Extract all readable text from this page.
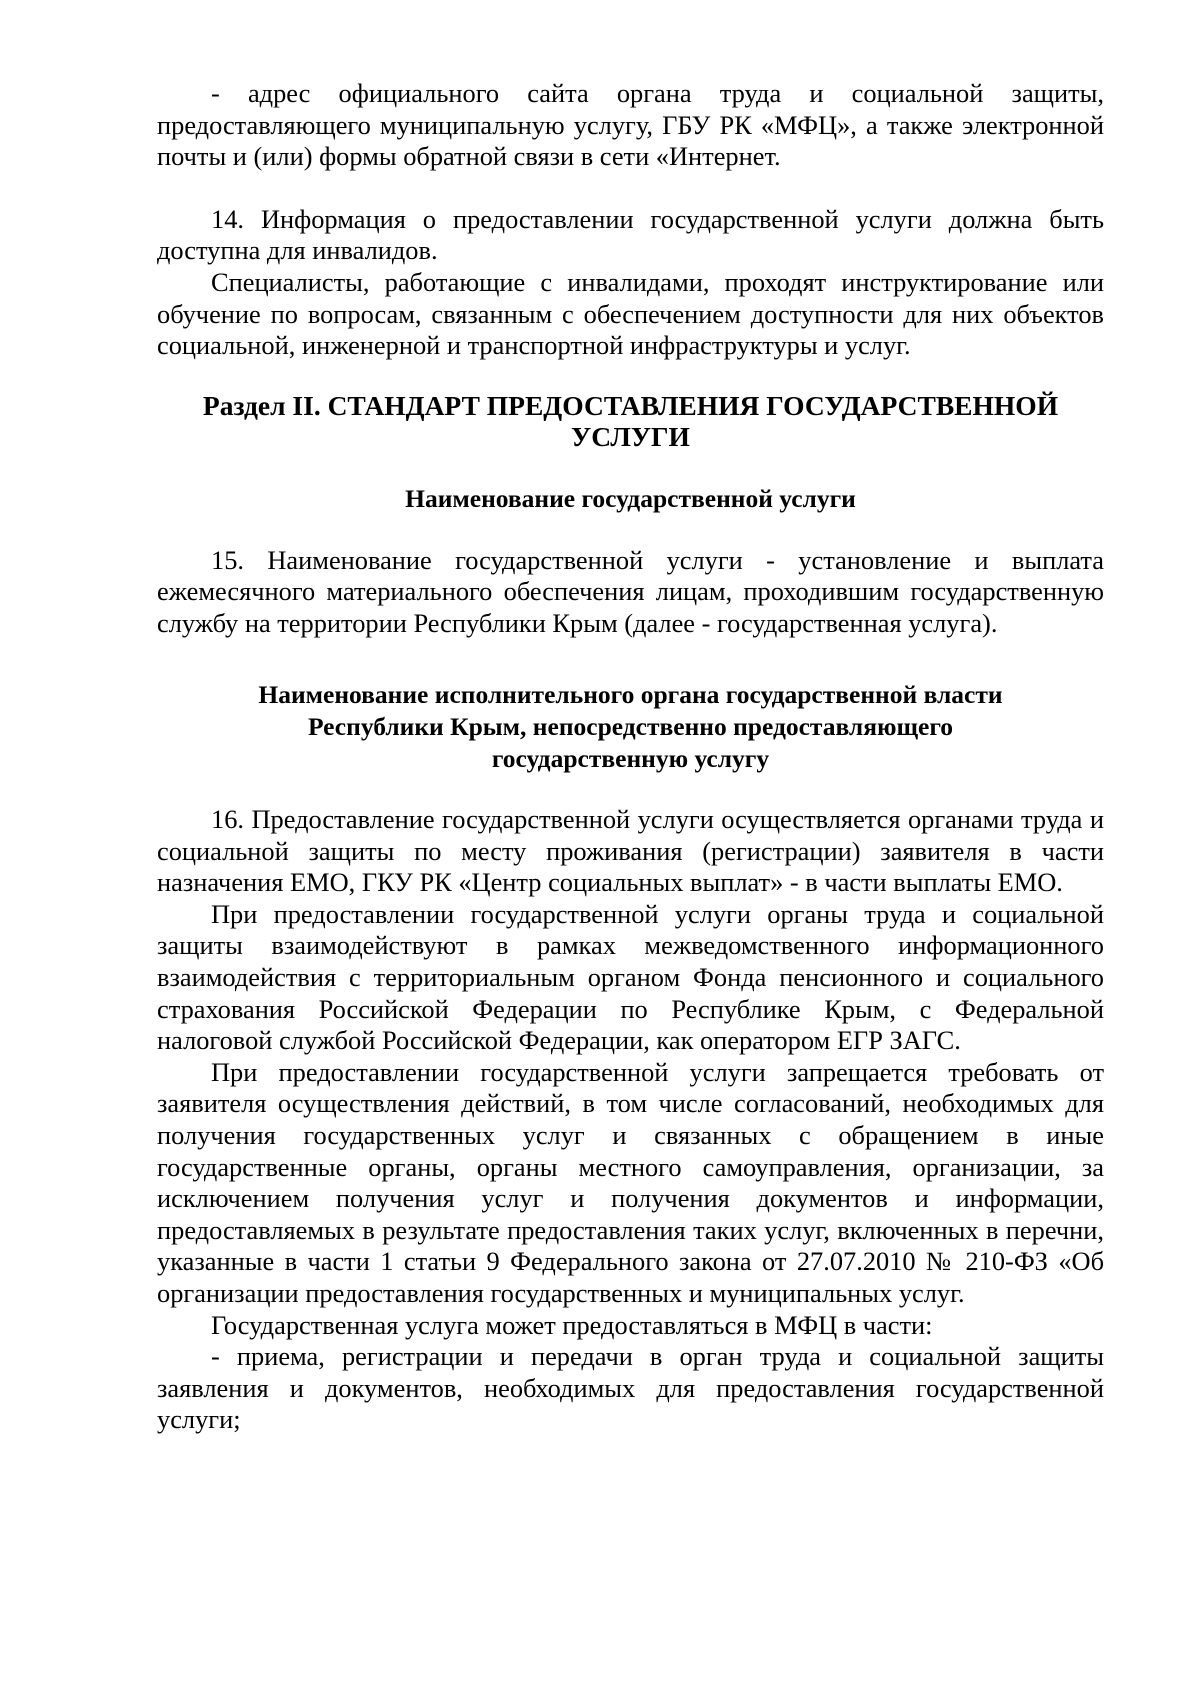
- адрес официального сайта органа труда и социальной защиты, предоставляющего муниципальную услугу, ГБУ РК «МФЦ», а также электронной почты и (или) формы обратной связи в сети «Интернет.

14. Информация о предоставлении государственной услуги должна быть доступна для инвалидов.

Специалисты, работающие с инвалидами, проходят инструктирование или обучение по вопросам, связанным с обеспечением доступности для них объектов социальной, инженерной и транспортной инфраструктуры и услуг.

Раздел II. СТАНДАРТ ПРЕДОСТАВЛЕНИЯ ГОСУДАРСТВЕННОЙ
УСЛУГИ
Наименование государственной услуги

15. Наименование государственной услуги - установление и выплата ежемесячного материального обеспечения лицам, проходившим государственную службу на территории Республики Крым (далее - государственная услуга).

Наименование исполнительного органа государственной власти
Республики Крым, непосредственно предоставляющего
государственную услугу

16. Предоставление государственной услуги осуществляется органами труда и социальной защиты по месту проживания (регистрации) заявителя в части назначения ЕМО, ГКУ РК «Центр социальных выплат» - в части выплаты ЕМО.

При предоставлении государственной услуги органы труда и социальной защиты взаимодействуют в рамках межведомственного информационного взаимодействия с территориальным органом Фонда пенсионного и социального страхования Российской Федерации по Республике Крым, с Федеральной налоговой службой Российской Федерации, как оператором ЕГР ЗАГС.

При предоставлении государственной услуги запрещается требовать от заявителя осуществления действий, в том числе согласований, необходимых для получения государственных услуг и связанных с обращением в иные государственные органы, органы местного самоуправления, организации, за исключением получения услуг и получения документов и информации, предоставляемых в результате предоставления таких услуг, включенных в перечни, указанные в части 1 статьи 9 Федерального закона от 27.07.2010 № 210-ФЗ «Об организации предоставления государственных и муниципальных услуг.

Государственная услуга может предоставляться в МФЦ в части:

- приема, регистрации и передачи в орган труда и социальной защиты заявления и документов, необходимых для предоставления государственной услуги;
